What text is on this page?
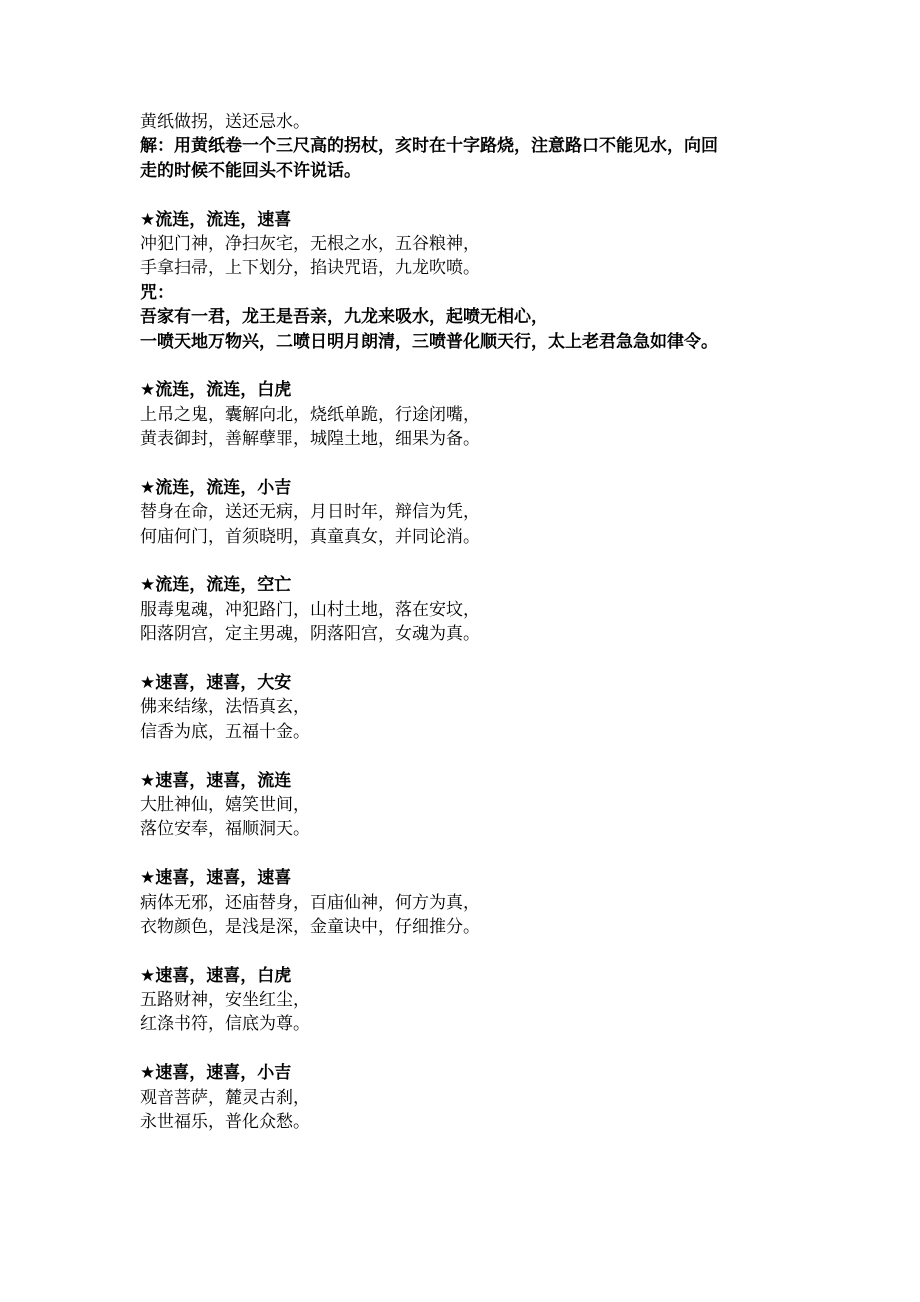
黄纸做拐，送还忌水。
解：用黄纸卷一个三尺高的拐杖，亥时在十字路烧，注意路口不能见水，向回
走的时候不能回头不许说话。
★流连，流连，速喜
冲犯门神，净扫灰宅，无根之水，五谷粮神，
手拿扫帚，上下划分，掐诀咒语，九龙吹喷。
咒：
吾家有一君，龙王是吾亲，九龙来吸水，起喷无相心，
一喷天地万物兴，二喷日明月朗清，三喷普化顺天行，太上老君急急如律令。
★流连，流连，白虎
上吊之鬼，囊解向北，烧纸单跪，行途闭嘴，
黄表御封，善解孽罪，城隍土地，细果为备。
★流连，流连，小吉
替身在命，送还无病，月日时年，辩信为凭，
何庙何门，首须晓明，真童真女，并同论消。
★流连，流连，空亡
服毒鬼魂，冲犯路门，山村土地，落在安坟，
阳落阴宫，定主男魂，阴落阳宫，女魂为真。
★速喜，速喜，大安
佛来结缘，法悟真玄，
信香为底，五福十金。
★速喜，速喜，流连
大肚神仙，嬉笑世间，
落位安奉，福顺洞天。
★速喜，速喜，速喜
病体无邪，还庙替身，百庙仙神，何方为真，
衣物颜色，是浅是深，金童诀中，仔细推分。
★速喜，速喜，白虎
五路财神，安坐红尘，
红涤书符，信底为尊。
★速喜，速喜，小吉
观音菩萨，麓灵古刹，
永世福乐，普化众愁。
